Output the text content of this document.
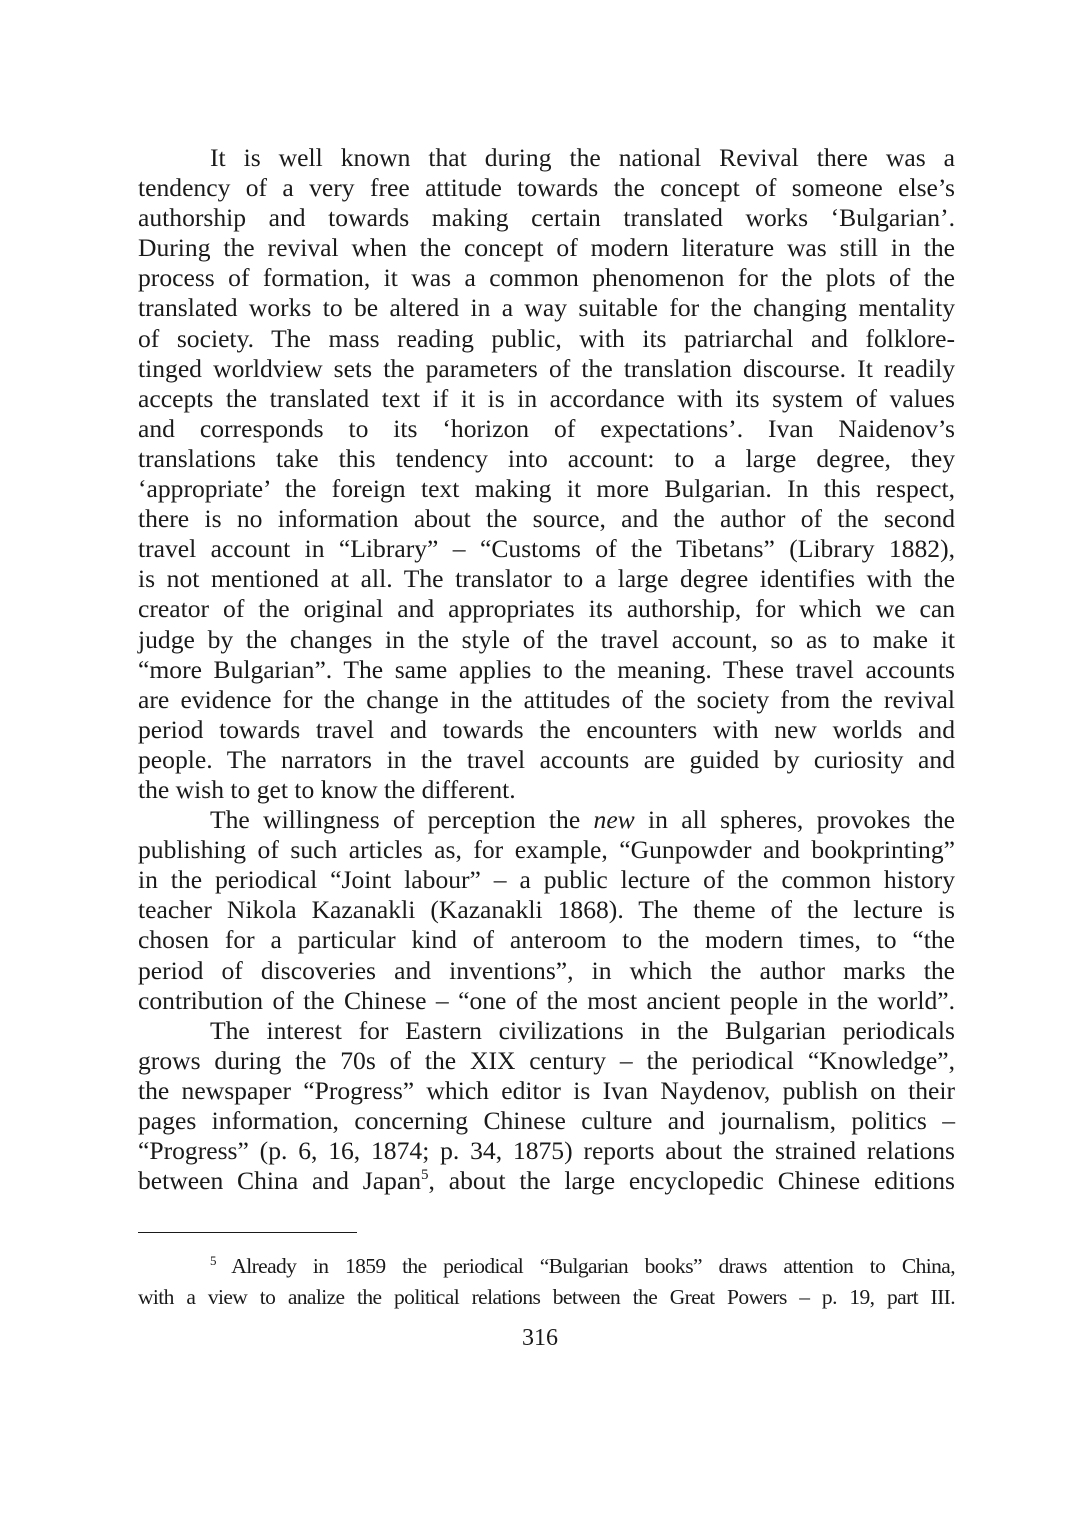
It is well known that during the national Revival there was a
tendency of a very free attitude towards the concept of someone else’s
authorship and towards making certain translated works ‘Bulgarian’.
During the revival when the concept of modern literature was still in the
process of formation, it was a common phenomenon for the plots of the
translated works to be altered in a way suitable for the changing mentality
of society. The mass reading public, with its patriarchal and folklore-
tinged worldview sets the parameters of the translation discourse. It readily
accepts the translated text if it is in accordance with its system of values
and corresponds to its ‘horizon of expectations’. Ivan Naidenov’s
translations take this tendency into account: to a large degree, they
‘appropriate’ the foreign text making it more Bulgarian. In this respect,
there is no information about the source, and the author of the second
travel account in “Library” – “Customs of the Tibetans” (Library 1882),
is not mentioned at all. The translator to a large degree identifies with the
creator of the original and appropriates its authorship, for which we can
judge by the changes in the style of the travel account, so as to make it
“more Bulgarian”. The same applies to the meaning. These travel accounts
are evidence for the change in the attitudes of the society from the revival
period towards travel and towards the encounters with new worlds and
people. The narrators in the travel accounts are guided by curiosity and
the wish to get to know the different.
The willingness of perception the new in all spheres, provokes the
publishing of such articles as, for example, “Gunpowder and bookprinting”
in the periodical “Joint labour” – a public lecture of the common history
teacher Nikola Kazanakli (Kazanakli 1868). The theme of the lecture is
chosen for a particular kind of anteroom to the modern times, to “the
period of discoveries and inventions”, in which the author marks the
contribution of the Chinese – “one of the most ancient people in the world”.
The interest for Eastern civilizations in the Bulgarian periodicals
grows during the 70s of the XIX century – the periodical “Knowledge”,
the newspaper “Progress” which editor is Ivan Naydenov, publish on their
pages information, concerning Chinese culture and journalism, politics –
“Progress” (p. 6, 16, 1874; p. 34, 1875) reports about the strained relations
between China and Japan$^5$, about the large encyclopedic Chinese editions
$^5$ Already in 1859 the periodical “Bulgarian books” draws attention to China,
with a view to analize the political relations between the Great Powers – p. 19, part III.
316
